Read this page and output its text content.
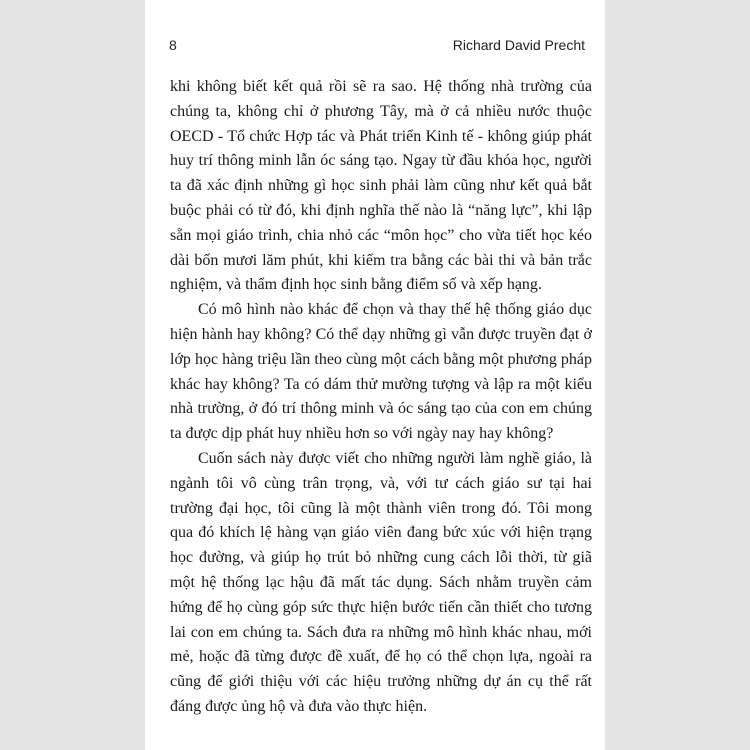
8	Richard David Precht

khi không biết kết quả rồi sẽ ra sao. Hệ thống nhà trường của chúng ta, không chỉ ở phương Tây, mà ở cả nhiều nước thuộc OECD - Tổ chức Hợp tác và Phát triển Kinh tế - không giúp phát huy trí thông minh lẫn óc sáng tạo. Ngay từ đầu khóa học, người ta đã xác định những gì học sinh phải làm cũng như kết quả bắt buộc phải có từ đó, khi định nghĩa thế nào là “năng lực”, khi lập sẵn mọi giáo trình, chia nhỏ các “môn học” cho vừa tiết học kéo dài bốn mươi lăm phút, khi kiểm tra bằng các bài thi và bản trắc nghiệm, và thẩm định học sinh bằng điểm số và xếp hạng.

Có mô hình nào khác để chọn và thay thế hệ thống giáo dục hiện hành hay không? Có thể dạy những gì vẫn được truyền đạt ở lớp học hàng triệu lần theo cùng một cách bằng một phương pháp khác hay không? Ta có dám thử mường tượng và lập ra một kiểu nhà trường, ở đó trí thông minh và óc sáng tạo của con em chúng ta được dịp phát huy nhiều hơn so với ngày nay hay không?

Cuốn sách này được viết cho những người làm nghề giáo, là ngành tôi vô cùng trân trọng, và, với tư cách giáo sư tại hai trường đại học, tôi cũng là một thành viên trong đó. Tôi mong qua đó khích lệ hàng vạn giáo viên đang bức xúc với hiện trạng học đường, và giúp họ trút bỏ những cung cách lỗi thời, từ giã một hệ thống lạc hậu đã mất tác dụng. Sách nhằm truyền cảm hứng để họ cùng góp sức thực hiện bước tiến cần thiết cho tương lai con em chúng ta. Sách đưa ra những mô hình khác nhau, mới mẻ, hoặc đã từng được đề xuất, để họ có thể chọn lựa, ngoài ra cũng để giới thiệu với các hiệu trưởng những dự án cụ thể rất đáng được ủng hộ và đưa vào thực hiện.
